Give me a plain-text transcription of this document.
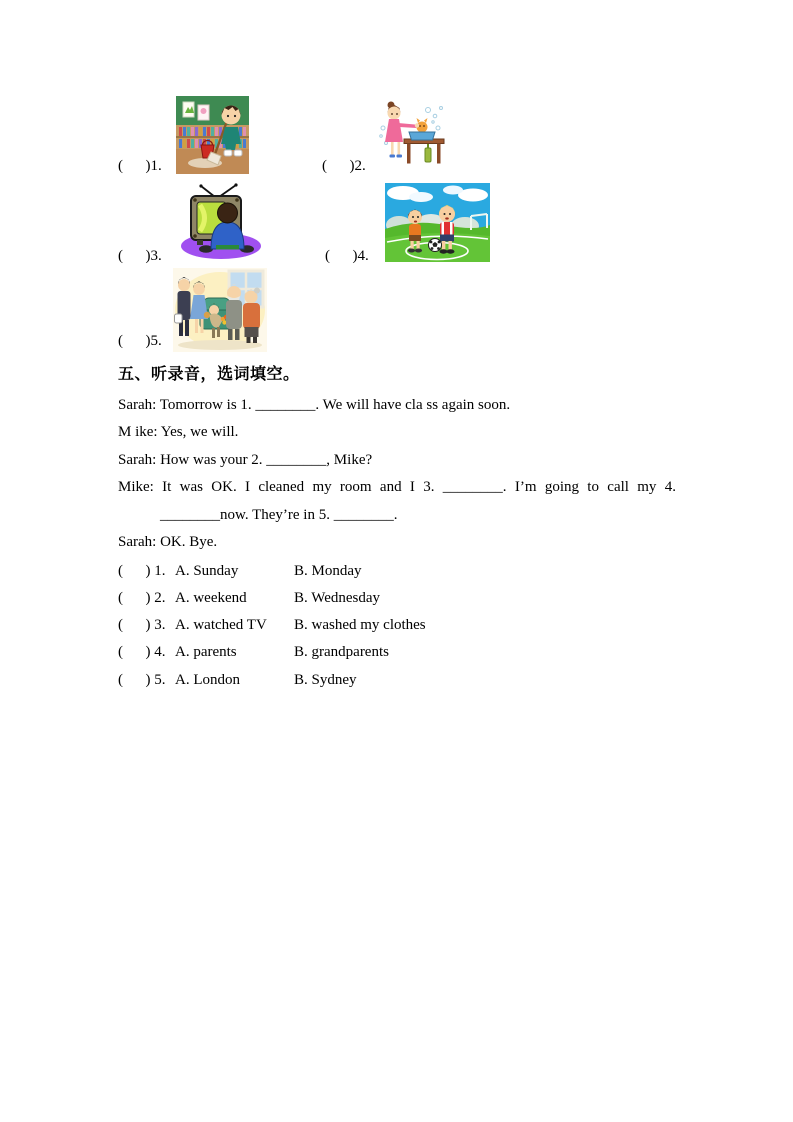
(      )1.	(      )2.
(      )3.	(      )4.
(      )5.
五、听录音，选词填空。
Sarah: Tomorrow is 1. ________. We will have cla ss again soon.
M ike: Yes, we will.
Sarah: How was your 2. ________, Mike?
Mike: It was OK. I cleaned my room and I 3. ________. I’m going to call my 4.
________now. They’re in 5. ________.
Sarah: OK. Bye.
(      ) 1. A. Sunday	B. Monday
(      ) 2. A. weekend	B. Wednesday
(      ) 3. A. watched TV B. washed my clothes
(      ) 4. A. parents	B. grandparents
(      ) 5. A. London	B. Sydney
